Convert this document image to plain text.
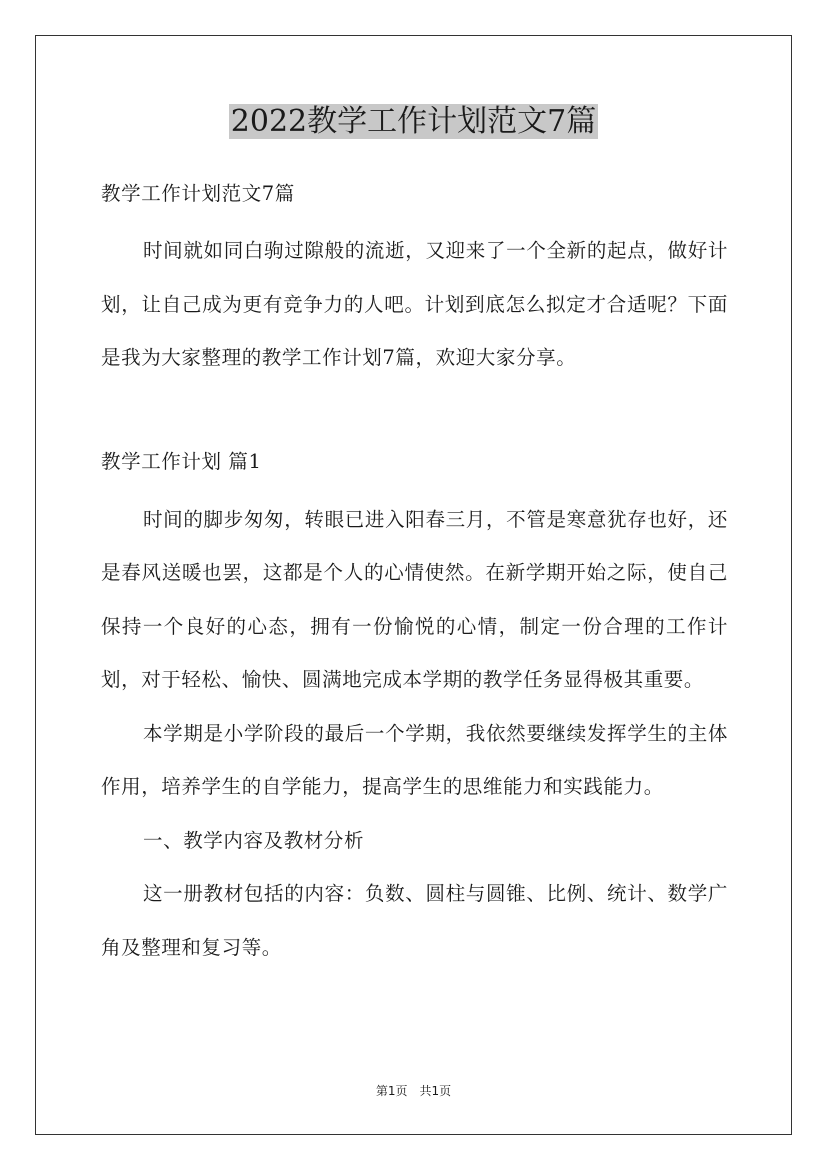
2022教学工作计划范文7篇

教学工作计划范文7篇

时间就如同白驹过隙般的流逝，又迎来了一个全新的起点，做好计划，让自己成为更有竞争力的人吧。计划到底怎么拟定才合适呢？下面是我为大家整理的教学工作计划7篇，欢迎大家分享。

教学工作计划 篇1

时间的脚步匆匆，转眼已进入阳春三月，不管是寒意犹存也好，还是春风送暖也罢，这都是个人的心情使然。在新学期开始之际，使自己保持一个良好的心态，拥有一份愉悦的心情，制定一份合理的工作计划，对于轻松、愉快、圆满地完成本学期的教学任务显得极其重要。

本学期是小学阶段的最后一个学期，我依然要继续发挥学生的主体作用，培养学生的自学能力，提高学生的思维能力和实践能力。

一、教学内容及教材分析

这一册教材包括的内容：负数、圆柱与圆锥、比例、统计、数学广角及整理和复习等。

第1页　共1页
